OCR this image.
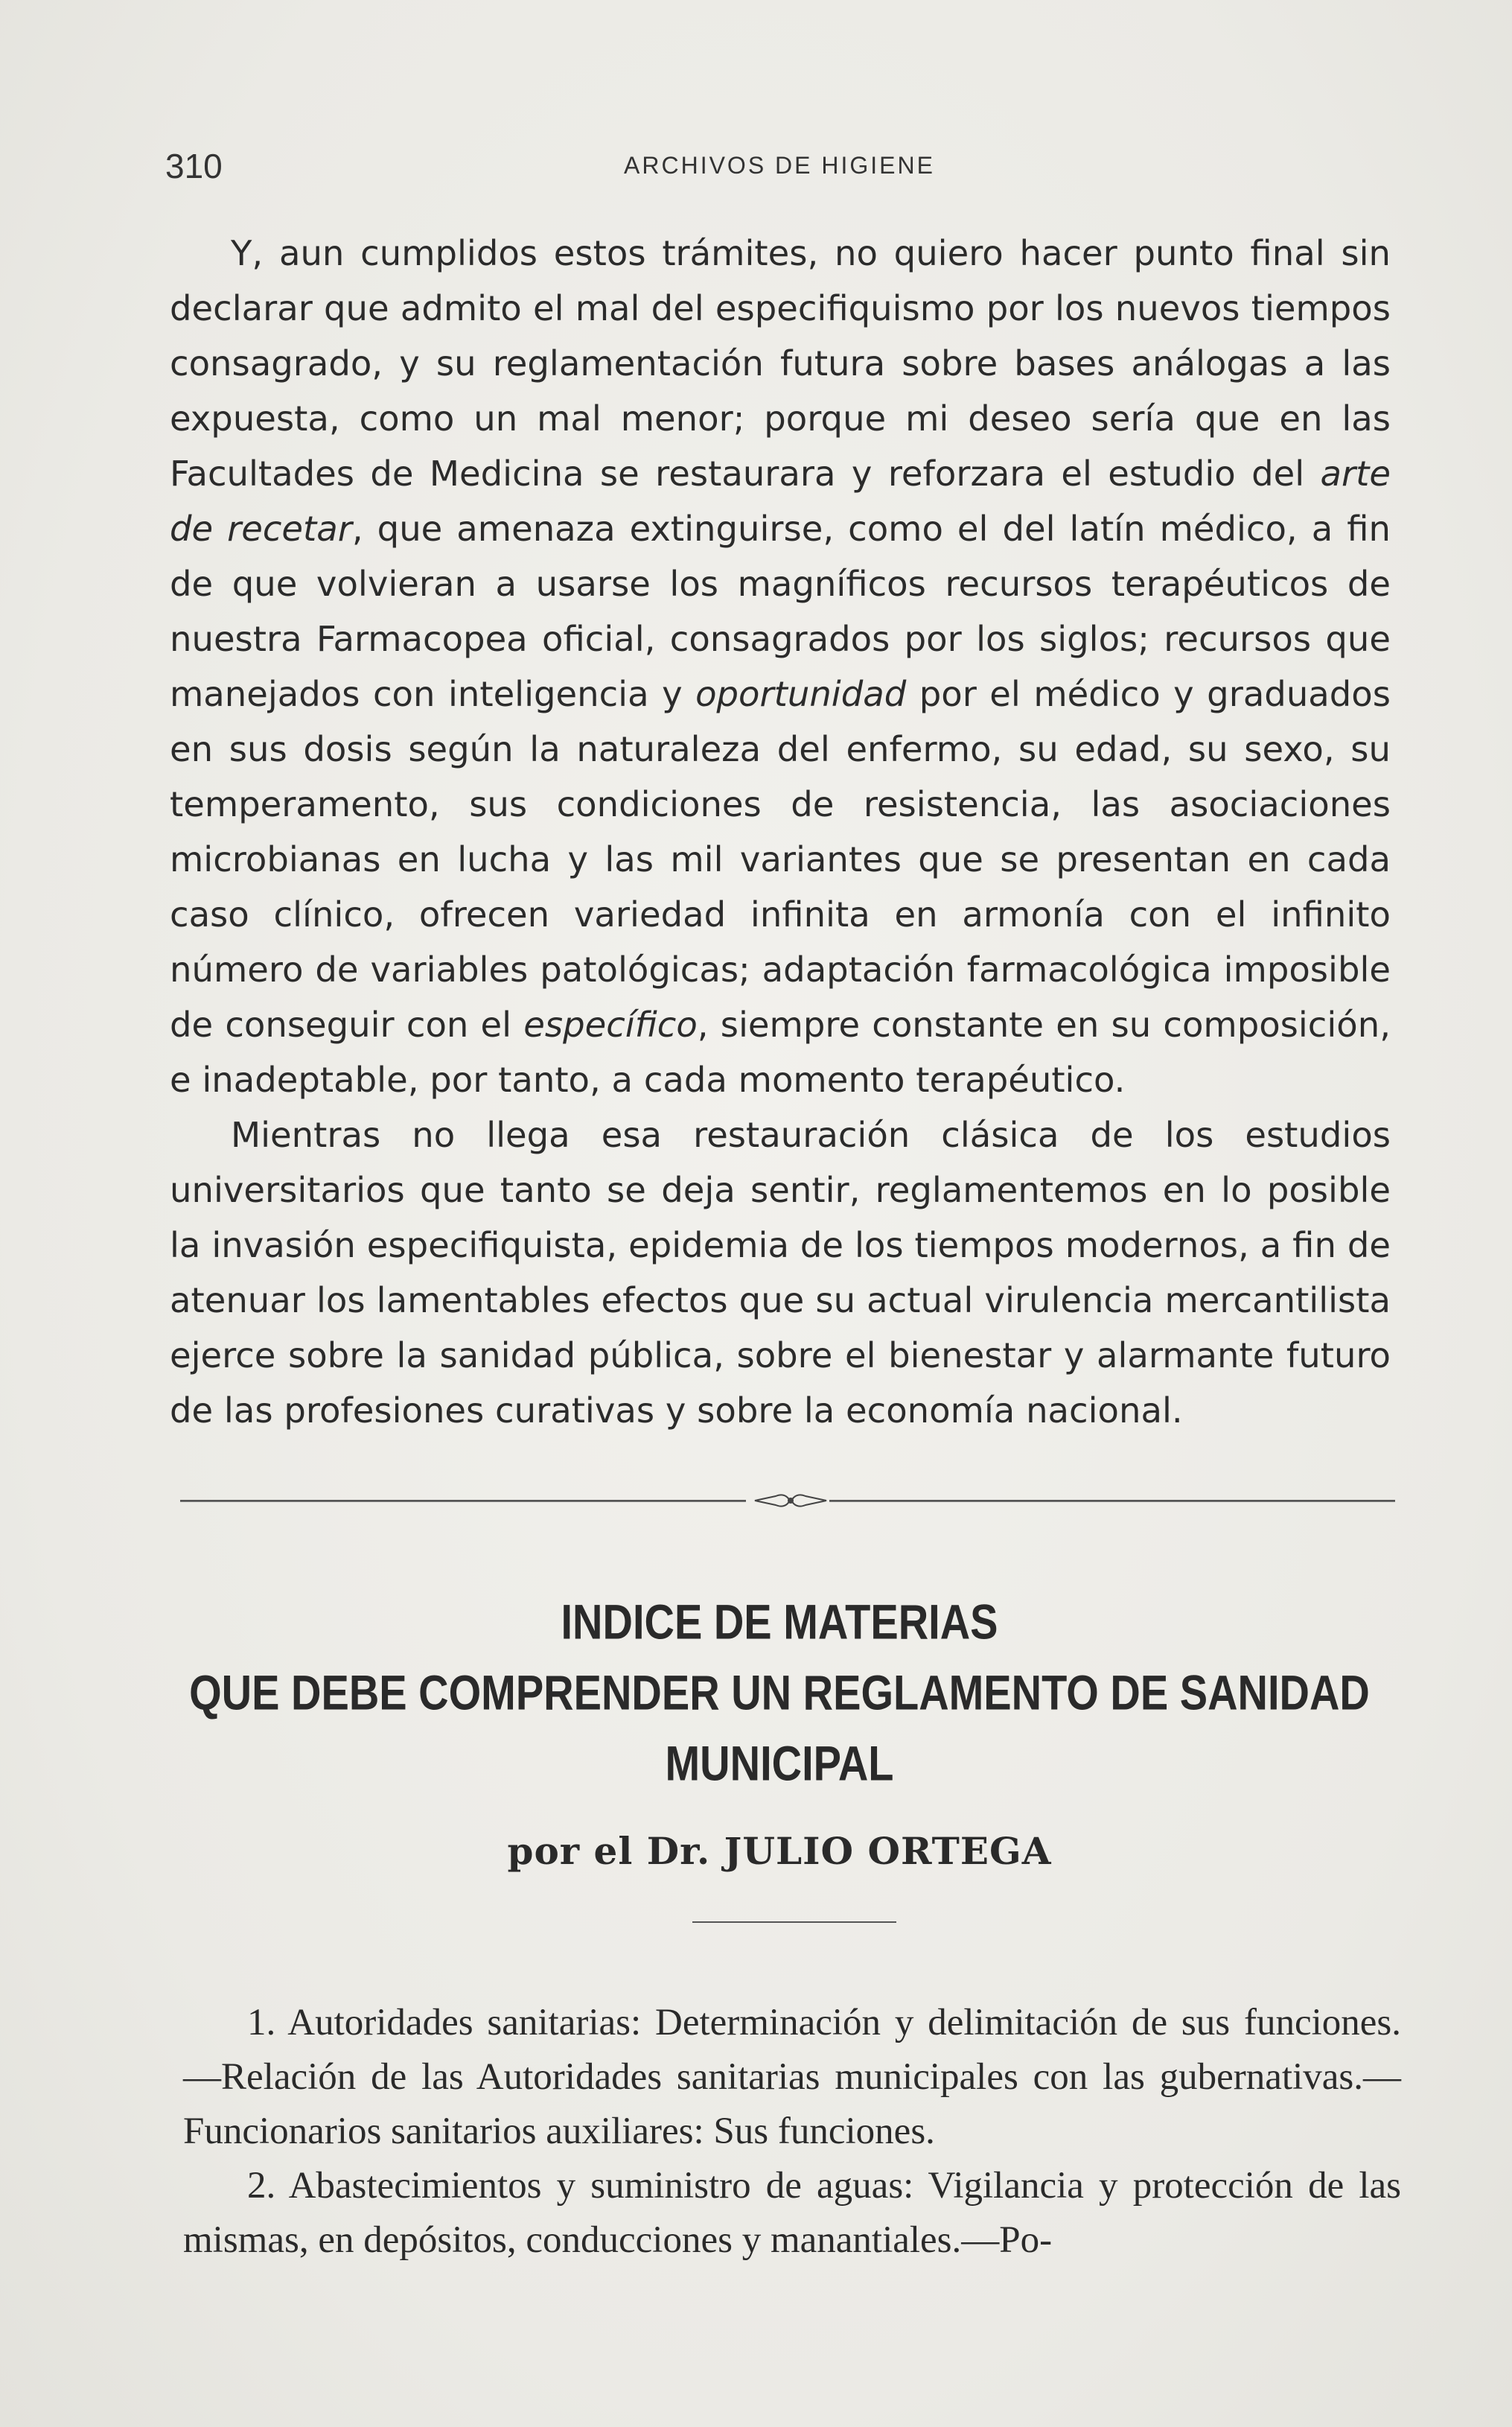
310	ARCHIVOS DE HIGIENE

Y, aun cumplidos estos trámites, no quiero hacer punto final sin declarar que admito el mal del especifiquismo por los nuevos tiempos consagrado, y su reglamentación futura sobre bases análogas a las expuesta, como un mal menor; porque mi deseo sería que en las Facultades de Medicina se restaurara y reforzara el estudio del arte de recetar, que amenaza extinguirse, como el del latín médico, a fin de que volvieran a usarse los magníficos recursos terapéuticos de nuestra Farmacopea oficial, consagrados por los siglos; recursos que manejados con inteligencia y oportunidad por el médico y graduados en sus dosis según la naturaleza del enfermo, su edad, su sexo, su temperamento, sus condiciones de resistencia, las asociaciones microbianas en lucha y las mil variantes que se presentan en cada caso clínico, ofrecen variedad infinita en armonía con el infinito número de variables patológicas; adaptación farmacológica imposible de conseguir con el específico, siempre constante en su composición, e inadeptable, por tanto, a cada momento terapéutico.

Mientras no llega esa restauración clásica de los estudios universitarios que tanto se deja sentir, reglamentemos en lo posible la invasión especifiquista, epidemia de los tiempos modernos, a fin de atenuar los lamentables efectos que su actual virulencia mercantilista ejerce sobre la sanidad pública, sobre el bienestar y alarmante futuro de las profesiones curativas y sobre la economía nacional.

INDICE DE MATERIAS
QUE DEBE COMPRENDER UN REGLAMENTO DE SANIDAD
MUNICIPAL
por el Dr. JULIO ORTEGA

1. Autoridades sanitarias: Determinación y delimitación de sus funciones.—Relación de las Autoridades sanitarias municipales con las gubernativas.—Funcionarios sanitarios auxiliares: Sus funciones.

2. Abastecimientos y suministro de aguas: Vigilancia y protección de las mismas, en depósitos, conducciones y manantiales.—Po-
